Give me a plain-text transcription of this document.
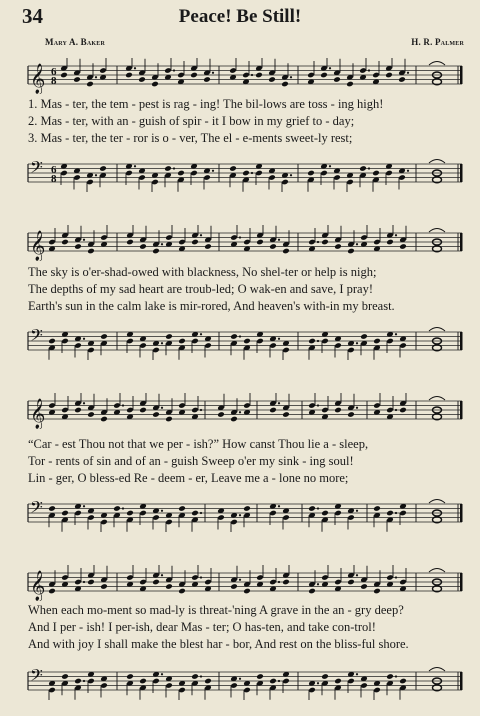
34	Peace! Be Still!
Mary A. Baker	H. R. Palmer
𝄞 6
8
1. Mas - ter, the tem - pest is rag - ing! The bil-lows are toss - ing high!
2. Mas - ter, with an - guish of spir - it I bow in my grief to - day;
3. Mas - ter, the ter - ror is o - ver, The el - e-ments sweet-ly rest;
𝄢 6
8
𝄞
The sky is o'er-shad-owed with blackness, No shel-ter or help is nigh;
The depths of my sad heart are troub-led; O wak-en and save, I pray!
Earth's sun in the calm lake is mir-rored, And heaven's with-in my breast.
𝄢
𝄞
“Car - est Thou not that we per - ish?” How canst Thou lie a - sleep,
Tor - rents of sin and of an - guish Sweep o'er my sink - ing soul!
Lin - ger, O bless-ed Re - deem - er, Leave me a - lone no more;
𝄢
𝄞
When each mo-ment so mad-ly is threat-'ning A grave in the an - gry deep?
And I per - ish! I per-ish, dear Mas - ter; O has-ten, and take con-trol!
And with joy I shall make the blest har - bor, And rest on the bliss-ful shore.
𝄢
